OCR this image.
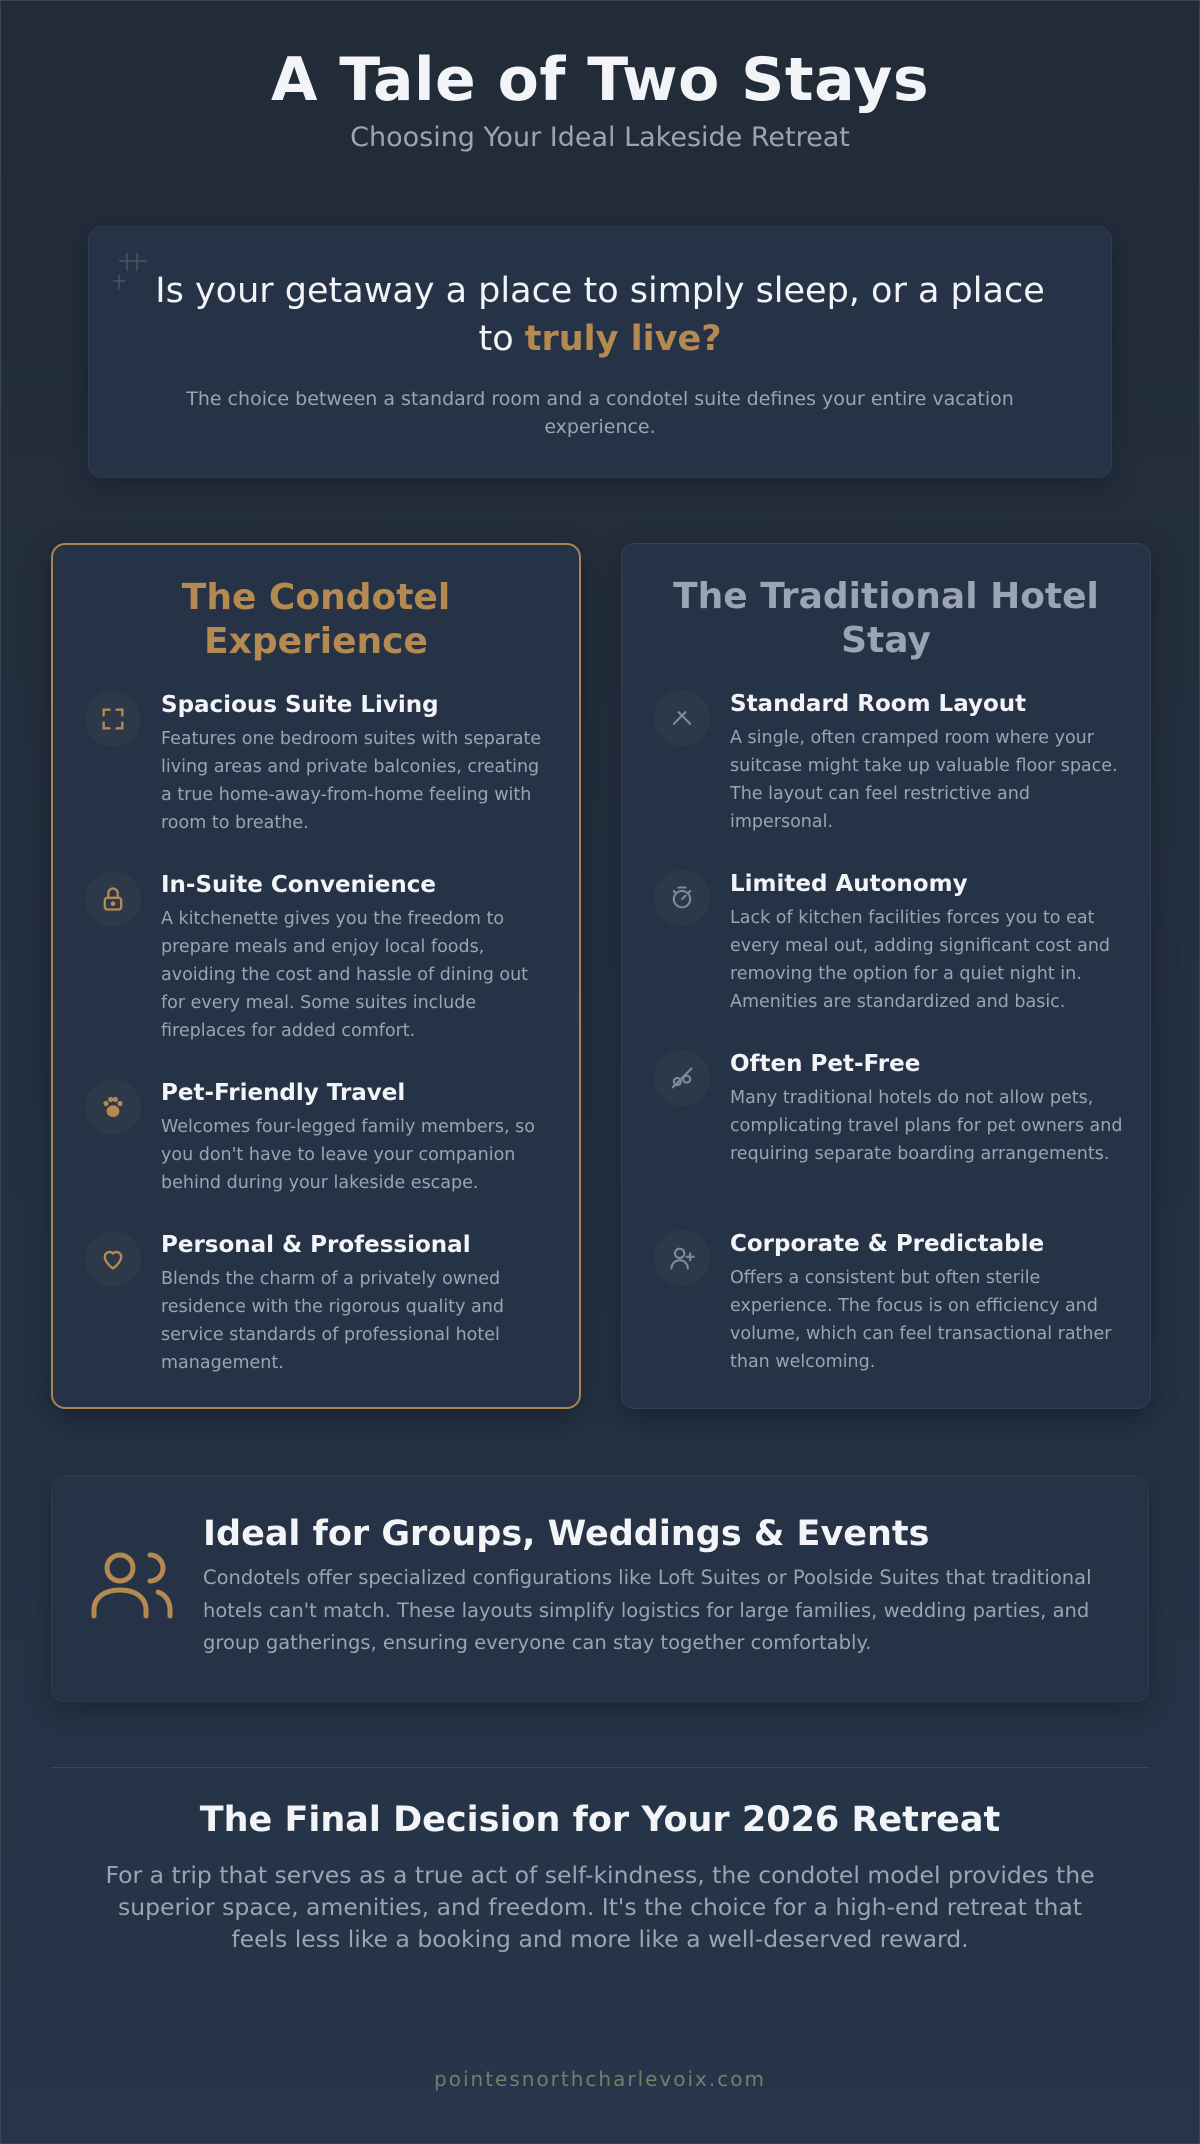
A Tale of Two Stays
Choosing Your Ideal Lakeside Retreat

Is your getaway a place to simply sleep, or a place to truly live?

The choice between a standard room and a condotel suite defines your entire vacation experience.

The Condotel Experience
Spacious Suite Living
Features one bedroom suites with separate living areas and private balconies, creating a true home-away-from-home feeling with room to breathe.
In-Suite Convenience
A kitchenette gives you the freedom to prepare meals and enjoy local foods, avoiding the cost and hassle of dining out for every meal. Some suites include fireplaces for added comfort.
Pet-Friendly Travel
Welcomes four-legged family members, so you don't have to leave your companion behind during your lakeside escape.
Personal & Professional
Blends the charm of a privately owned residence with the rigorous quality and service standards of professional hotel management.
The Traditional Hotel Stay
Standard Room Layout
A single, often cramped room where your suitcase might take up valuable floor space. The layout can feel restrictive and impersonal.
Limited Autonomy
Lack of kitchen facilities forces you to eat every meal out, adding significant cost and removing the option for a quiet night in. Amenities are standardized and basic.
Often Pet-Free
Many traditional hotels do not allow pets, complicating travel plans for pet owners and requiring separate boarding arrangements.
Corporate & Predictable
Offers a consistent but often sterile experience. The focus is on efficiency and volume, which can feel transactional rather than welcoming.
Ideal for Groups, Weddings & Events

Condotels offer specialized configurations like Loft Suites or Poolside Suites that traditional hotels can't match. These layouts simplify logistics for large families, wedding parties, and group gatherings, ensuring everyone can stay together comfortably.

The Final Decision for Your 2026 Retreat

For a trip that serves as a true act of self-kindness, the condotel model provides the superior space, amenities, and freedom. It's the choice for a high-end retreat that feels less like a booking and more like a well-deserved reward.

pointesnorthcharlevoix.com
